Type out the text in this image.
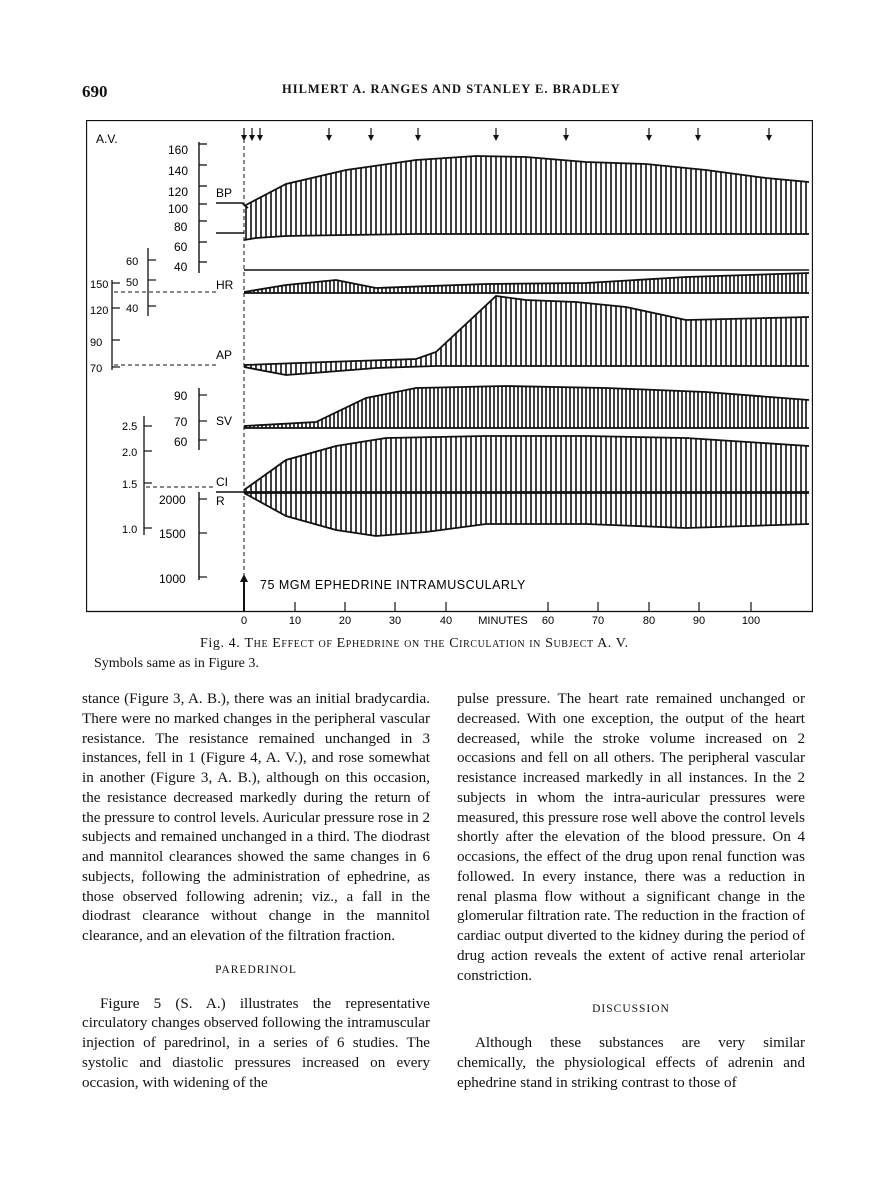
690	HILMERT A. RANGES AND STANLEY E. BRADLEY
A.V.
160
140
120
100
80
60
40
60
50
40
150
120
90
70
90
70
60
2.5
2.0
1.5
1.0
2000
1500
1000
BP
HR
AP
SV
CI
R
75 MGM EPHEDRINE INTRAMUSCULARLY
0	10	20	30	40 MINUTES 60	70	80	90	100
Fig. 4. The Effect of Ephedrine on the Circulation in Subject A. V.
Symbols same as in Figure 3.

stance (Figure 3, A. B.), there was an initial bradycardia. There were no marked changes in the peripheral vascular resistance. The resistance remained unchanged in 3 instances, fell in 1 (Figure 4, A. V.), and rose somewhat in another (Figure 3, A. B.), although on this occasion, the resistance decreased markedly during the return of the pressure to control levels. Auricular pressure rose in 2 subjects and remained unchanged in a third. The diodrast and mannitol clearances showed the same changes in 6 subjects, following the administration of ephedrine, as those observed following adrenin; viz., a fall in the diodrast clearance without change in the mannitol clearance, and an elevation of the filtration fraction.

PAREDRINOL

Figure 5 (S. A.) illustrates the representative circulatory changes observed following the intramuscular injection of paredrinol, in a series of 6 studies. The systolic and diastolic pressures increased on every occasion, with widening of the

pulse pressure. The heart rate remained unchanged or decreased. With one exception, the output of the heart decreased, while the stroke volume increased on 2 occasions and fell on all others. The peripheral vascular resistance increased markedly in all instances. In the 2 subjects in whom the intra-auricular pressures were measured, this pressure rose well above the control levels shortly after the elevation of the blood pressure. On 4 occasions, the effect of the drug upon renal function was followed. In every instance, there was a reduction in renal plasma flow without a significant change in the glomerular filtration rate. The reduction in the fraction of cardiac output diverted to the kidney during the period of drug action reveals the extent of active renal arteriolar constriction.

DISCUSSION

Although these substances are very similar chemically, the physiological effects of adrenin and ephedrine stand in striking contrast to those of
